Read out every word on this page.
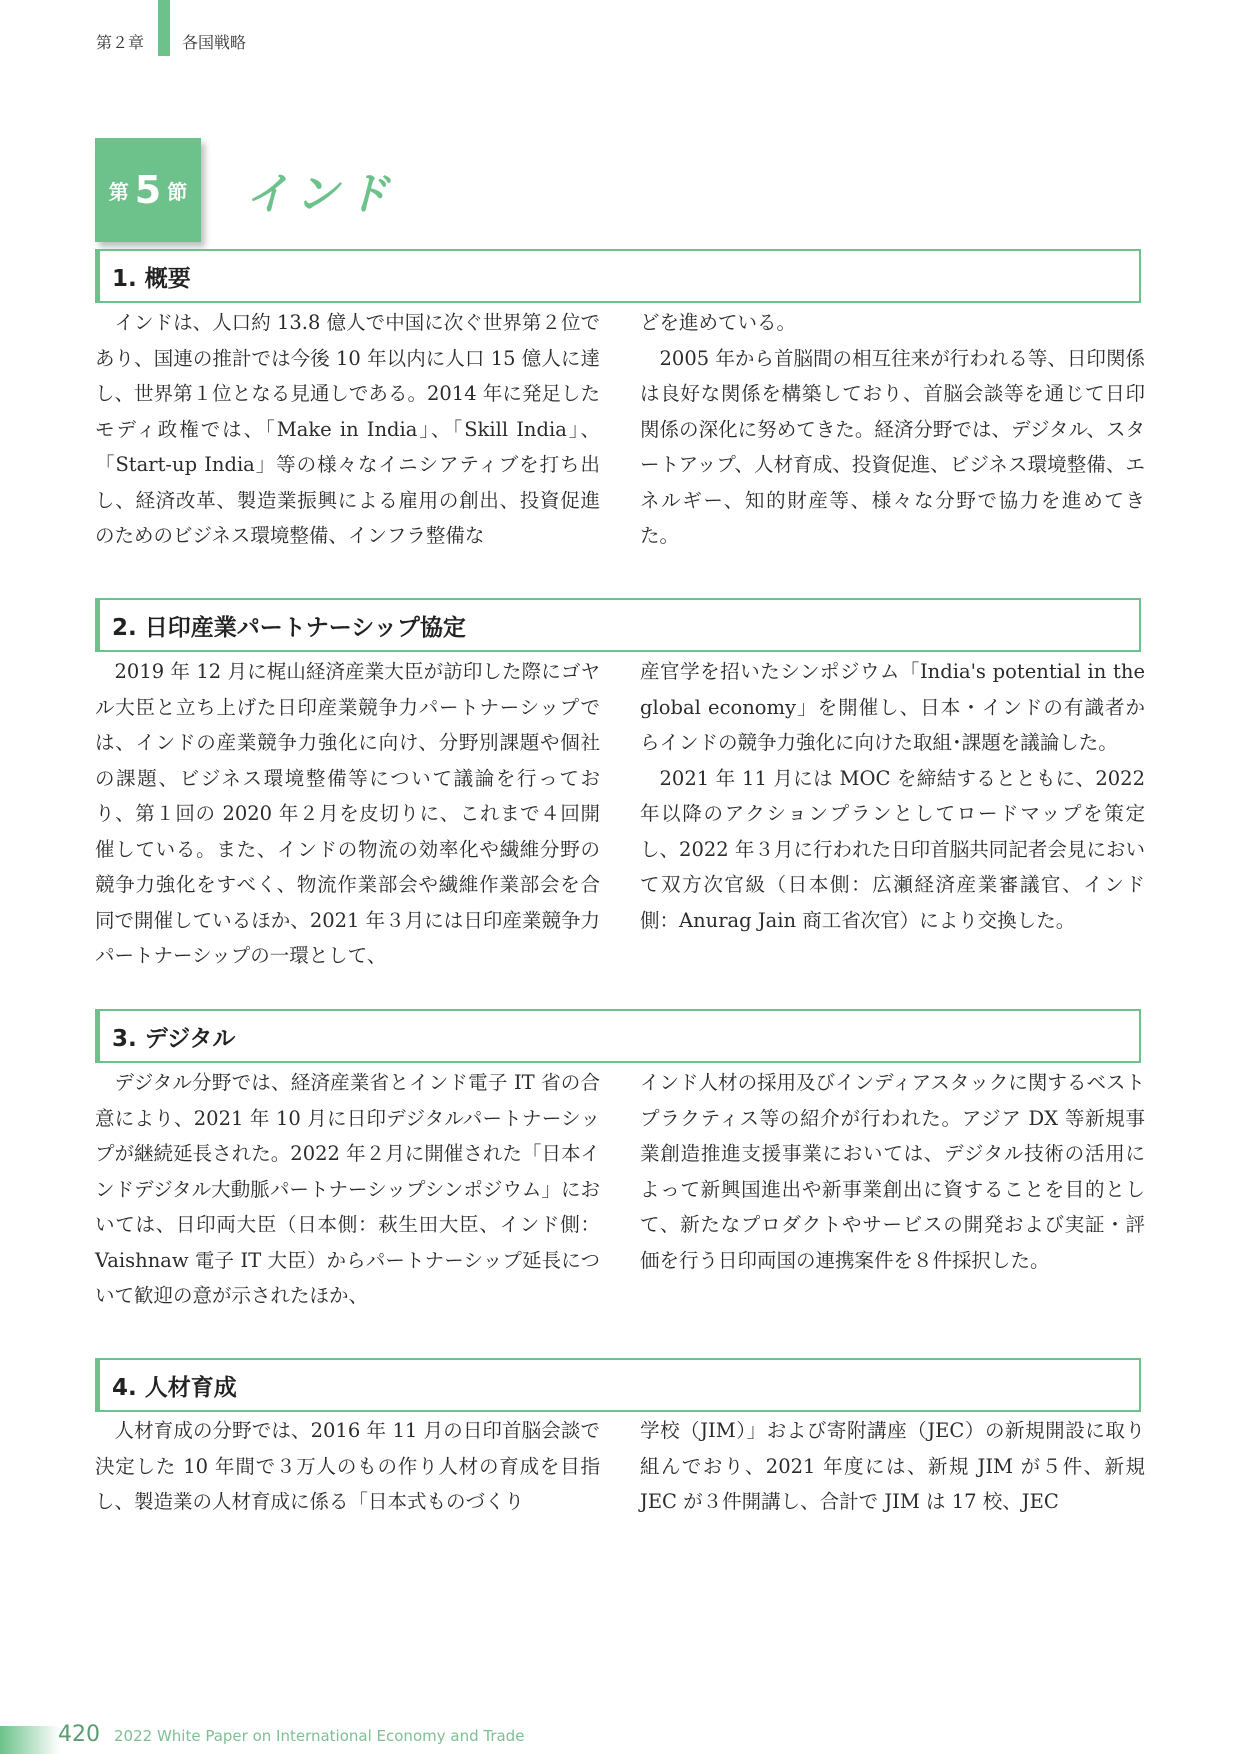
第２章 各国戦略
第 5 節 インド
1. 概要

インドは、人口約 13.8 億人で中国に次ぐ世界第２位であり、国連の推計では今後 10 年以内に人口 15 億人に達し、世界第１位となる見通しである。2014 年に発足したモディ政権では、「Make in India」、「Skill India」、「Start-up India」等の様々なイニシアティブを打ち出し、経済改革、製造業振興による雇用の創出、投資促進のためのビジネス環境整備、インフラ整備な

どを進めている。

2005 年から首脳間の相互往来が行われる等、日印関係は良好な関係を構築しており、首脳会談等を通じて日印関係の深化に努めてきた。経済分野では、デジタル、スタートアップ、人材育成、投資促進、ビジネス環境整備、エネルギー、知的財産等、様々な分野で協力を進めてきた。

2. 日印産業パートナーシップ協定

2019 年 12 月に梶山経済産業大臣が訪印した際にゴヤル大臣と立ち上げた日印産業競争力パートナーシップでは、インドの産業競争力強化に向け、分野別課題や個社の課題、ビジネス環境整備等について議論を行っており、第１回の 2020 年２月を皮切りに、これまで４回開催している。また、インドの物流の効率化や繊維分野の競争力強化をすべく、物流作業部会や繊維作業部会を合同で開催しているほか、2021 年３月には日印産業競争力パートナーシップの一環として、

産官学を招いたシンポジウム「India's potential in the global economy」を開催し、日本・インドの有識者からインドの競争力強化に向けた取組･課題を議論した。

2021 年 11 月には MOC を締結するとともに、2022 年以降のアクションプランとしてロードマップを策定し、2022 年３月に行われた日印首脳共同記者会見において双方次官級（日本側：広瀬経済産業審議官、インド側：Anurag Jain 商工省次官）により交換した。

3. デジタル

デジタル分野では、経済産業省とインド電子 IT 省の合意により、2021 年 10 月に日印デジタルパートナーシップが継続延長された。2022 年２月に開催された「日本インドデジタル大動脈パートナーシップシンポジウム」においては、日印両大臣（日本側：萩生田大臣、インド側：Vaishnaw 電子 IT 大臣）からパートナーシップ延長について歓迎の意が示されたほか、

インド人材の採用及びインディアスタックに関するベストプラクティス等の紹介が行われた。アジア DX 等新規事業創造推進支援事業においては、デジタル技術の活用によって新興国進出や新事業創出に資することを目的として、新たなプロダクトやサービスの開発および実証・評価を行う日印両国の連携案件を８件採択した。

4. 人材育成

人材育成の分野では、2016 年 11 月の日印首脳会談で決定した 10 年間で３万人のもの作り人材の育成を目指し、製造業の人材育成に係る「日本式ものづくり

学校（JIM）」および寄附講座（JEC）の新規開設に取り組んでおり、2021 年度には、新規 JIM が５件、新規 JEC が３件開講し、合計で JIM は 17 校、JEC

420 2022 White Paper on International Economy and Trade
